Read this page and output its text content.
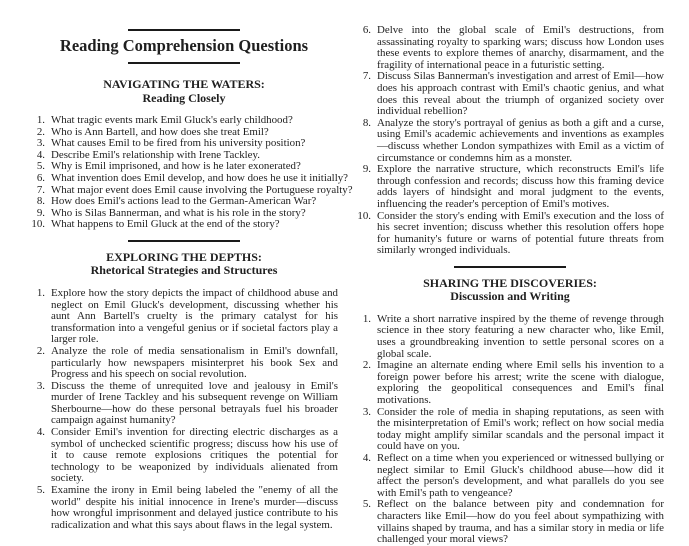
Reading Comprehension Questions
NAVIGATING THE WATERS:
Reading Closely
1. What tragic events mark Emil Gluck's early childhood?
2. Who is Ann Bartell, and how does she treat Emil?
3. What causes Emil to be fired from his university position?
4. Describe Emil's relationship with Irene Tackley.
5. Why is Emil imprisoned, and how is he later exonerated?
6. What invention does Emil develop, and how does he use it initially?
7. What major event does Emil cause involving the Portuguese royalty?
8. How does Emil's actions lead to the German-American War?
9. Who is Silas Bannerman, and what is his role in the story?
10. What happens to Emil Gluck at the end of the story?
EXPLORING THE DEPTHS:
Rhetorical Strategies and Structures
1. Explore how the story depicts the impact of childhood abuse and neglect on Emil Gluck's development, discussing whether his aunt Ann Bartell's cruelty is the primary catalyst for his transformation into a vengeful genius or if societal factors play a larger role.
2. Analyze the role of media sensationalism in Emil's downfall, particularly how newspapers misinterpret his book Sex and Progress and his speech on social revolution.
3. Discuss the theme of unrequited love and jealousy in Emil's murder of Irene Tackley and his subsequent revenge on William Sherbourne—how do these personal betrayals fuel his broader campaign against humanity?
4. Consider Emil's invention for directing electric discharges as a symbol of unchecked scientific progress; discuss how his use of it to cause remote explosions critiques the potential for technology to be weaponized by individuals alienated from society.
5. Examine the irony in Emil being labeled the "enemy of all the world" despite his initial innocence in Irene's murder—discuss how wrongful imprisonment and delayed justice contribute to his radicalization and what this says about flaws in the legal system.
6. Delve into the global scale of Emil's destructions, from assassinating royalty to sparking wars; discuss how London uses these events to explore themes of anarchy, disarmament, and the fragility of international peace in a futuristic setting.
7. Discuss Silas Bannerman's investigation and arrest of Emil—how does his approach contrast with Emil's chaotic genius, and what does this reveal about the triumph of organized society over individual rebellion?
8. Analyze the story's portrayal of genius as both a gift and a curse, using Emil's academic achievements and inventions as examples—discuss whether London sympathizes with Emil as a victim of circumstance or condemns him as a monster.
9. Explore the narrative structure, which reconstructs Emil's life through confession and records; discuss how this framing device adds layers of hindsight and moral judgment to the events, influencing the reader's perception of Emil's motives.
10. Consider the story's ending with Emil's execution and the loss of his secret invention; discuss whether this resolution offers hope for humanity's future or warns of potential future threats from similarly wronged individuals.
SHARING THE DISCOVERIES:
Discussion and Writing
1. Write a short narrative inspired by the theme of revenge through science in thee story featuring a new character who, like Emil, uses a groundbreaking invention to settle personal scores on a global scale.
2. Imagine an alternate ending where Emil sells his invention to a foreign power before his arrest; write the scene with dialogue, exploring the geopolitical consequences and Emil's final motivations.
3. Consider the role of media in shaping reputations, as seen with the misinterpretation of Emil's work; reflect on how social media today might amplify similar scandals and the personal impact it could have on you.
4. Reflect on a time when you experienced or witnessed bullying or neglect similar to Emil Gluck's childhood abuse—how did it affect the person's development, and what parallels do you see with Emil's path to vengeance?
5. Reflect on the balance between pity and condemnation for characters like Emil—how do you feel about sympathizing with villains shaped by trauma, and has a similar story in media or life challenged your moral views?
